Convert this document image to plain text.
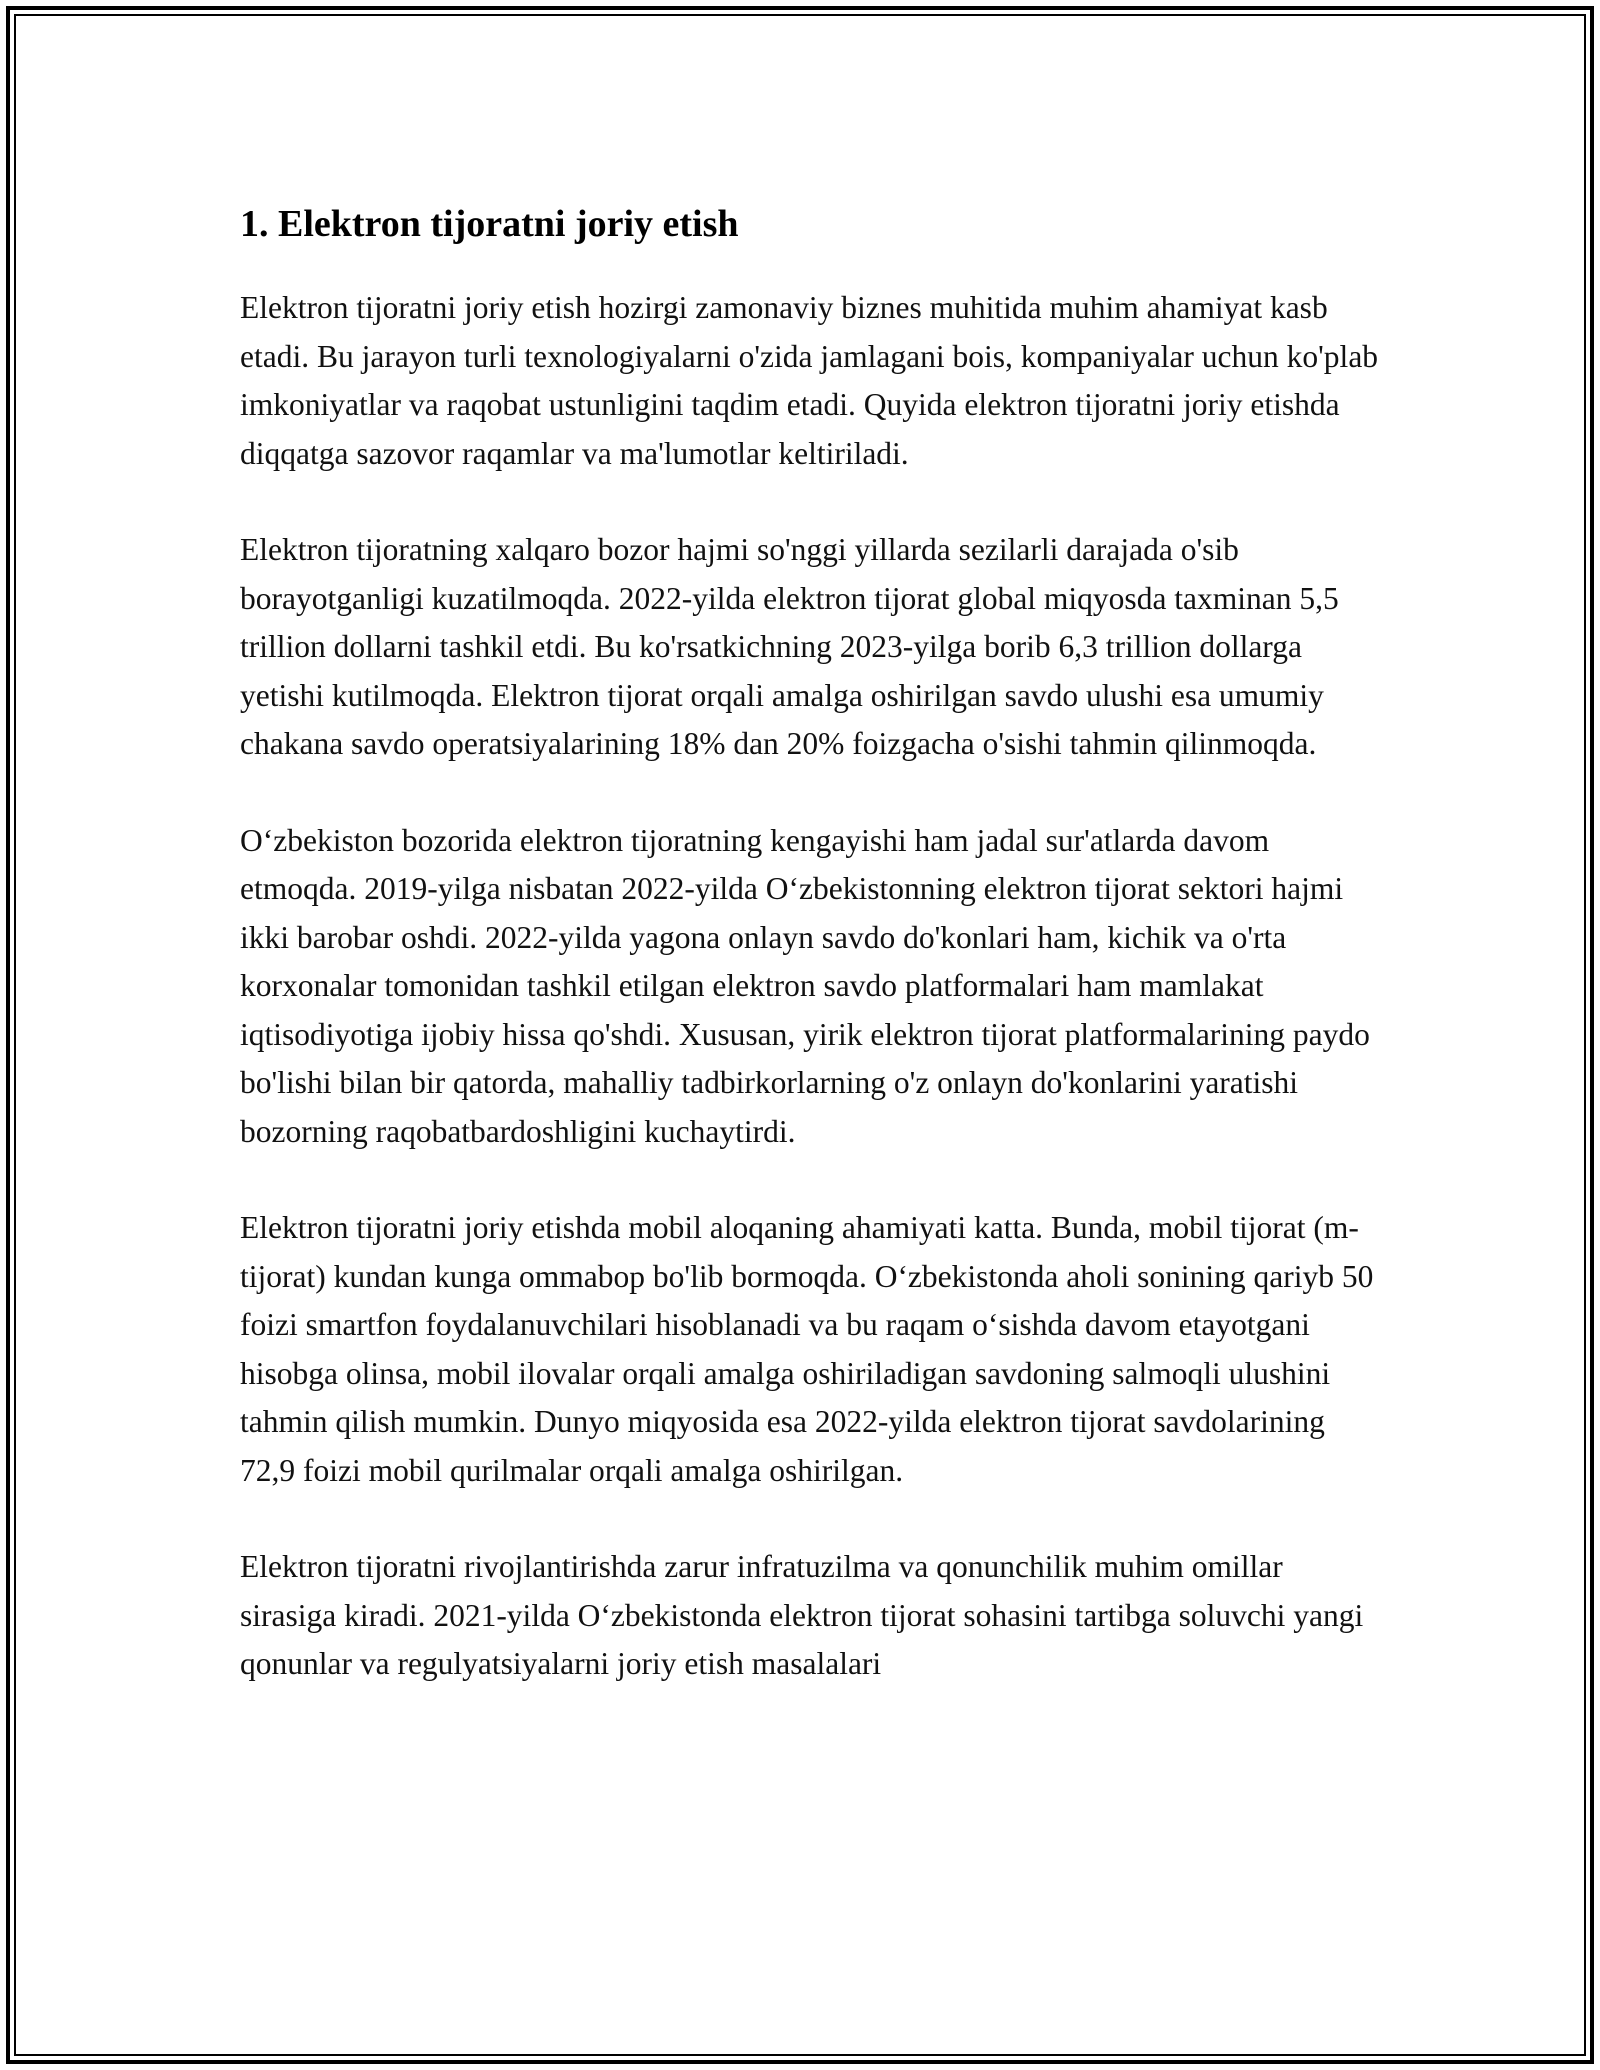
1. Elektron tijoratni joriy etish

Elektron tijoratni joriy etish hozirgi zamonaviy biznes muhitida muhim ahamiyat kasb etadi. Bu jarayon turli texnologiyalarni o'zida jamlagani bois, kompaniyalar uchun ko'plab imkoniyatlar va raqobat ustunligini taqdim etadi. Quyida elektron tijoratni joriy etishda diqqatga sazovor raqamlar va ma'lumotlar keltiriladi.

Elektron tijoratning xalqaro bozor hajmi so'nggi yillarda sezilarli darajada o'sib borayotganligi kuzatilmoqda. 2022-yilda elektron tijorat global miqyosda taxminan 5,5 trillion dollarni tashkil etdi. Bu ko'rsatkichning 2023-yilga borib 6,3 trillion dollarga yetishi kutilmoqda. Elektron tijorat orqali amalga oshirilgan savdo ulushi esa umumiy chakana savdo operatsiyalarining 18% dan 20% foizgacha o'sishi tahmin qilinmoqda.

Oʻzbekiston bozorida elektron tijoratning kengayishi ham jadal sur'atlarda davom etmoqda. 2019-yilga nisbatan 2022-yilda Oʻzbekistonning elektron tijorat sektori hajmi ikki barobar oshdi. 2022-yilda yagona onlayn savdo do'konlari ham, kichik va o'rta korxonalar tomonidan tashkil etilgan elektron savdo platformalari ham mamlakat iqtisodiyotiga ijobiy hissa qo'shdi. Xususan, yirik elektron tijorat platformalarining paydo bo'lishi bilan bir qatorda, mahalliy tadbirkorlarning o'z onlayn do'konlarini yaratishi bozorning raqobatbardoshligini kuchaytirdi.

Elektron tijoratni joriy etishda mobil aloqaning ahamiyati katta. Bunda, mobil tijorat (m-tijorat) kundan kunga ommabop bo'lib bormoqda. Oʻzbekistonda aholi sonining qariyb 50 foizi smartfon foydalanuvchilari hisoblanadi va bu raqam oʻsishda davom etayotgani hisobga olinsa, mobil ilovalar orqali amalga oshiriladigan savdoning salmoqli ulushini tahmin qilish mumkin. Dunyo miqyosida esa 2022-yilda elektron tijorat savdolarining 72,9 foizi mobil qurilmalar orqali amalga oshirilgan.

Elektron tijoratni rivojlantirishda zarur infratuzilma va qonunchilik muhim omillar sirasiga kiradi. 2021-yilda Oʻzbekistonda elektron tijorat sohasini tartibga soluvchi yangi qonunlar va regulyatsiyalarni joriy etish masalalari
